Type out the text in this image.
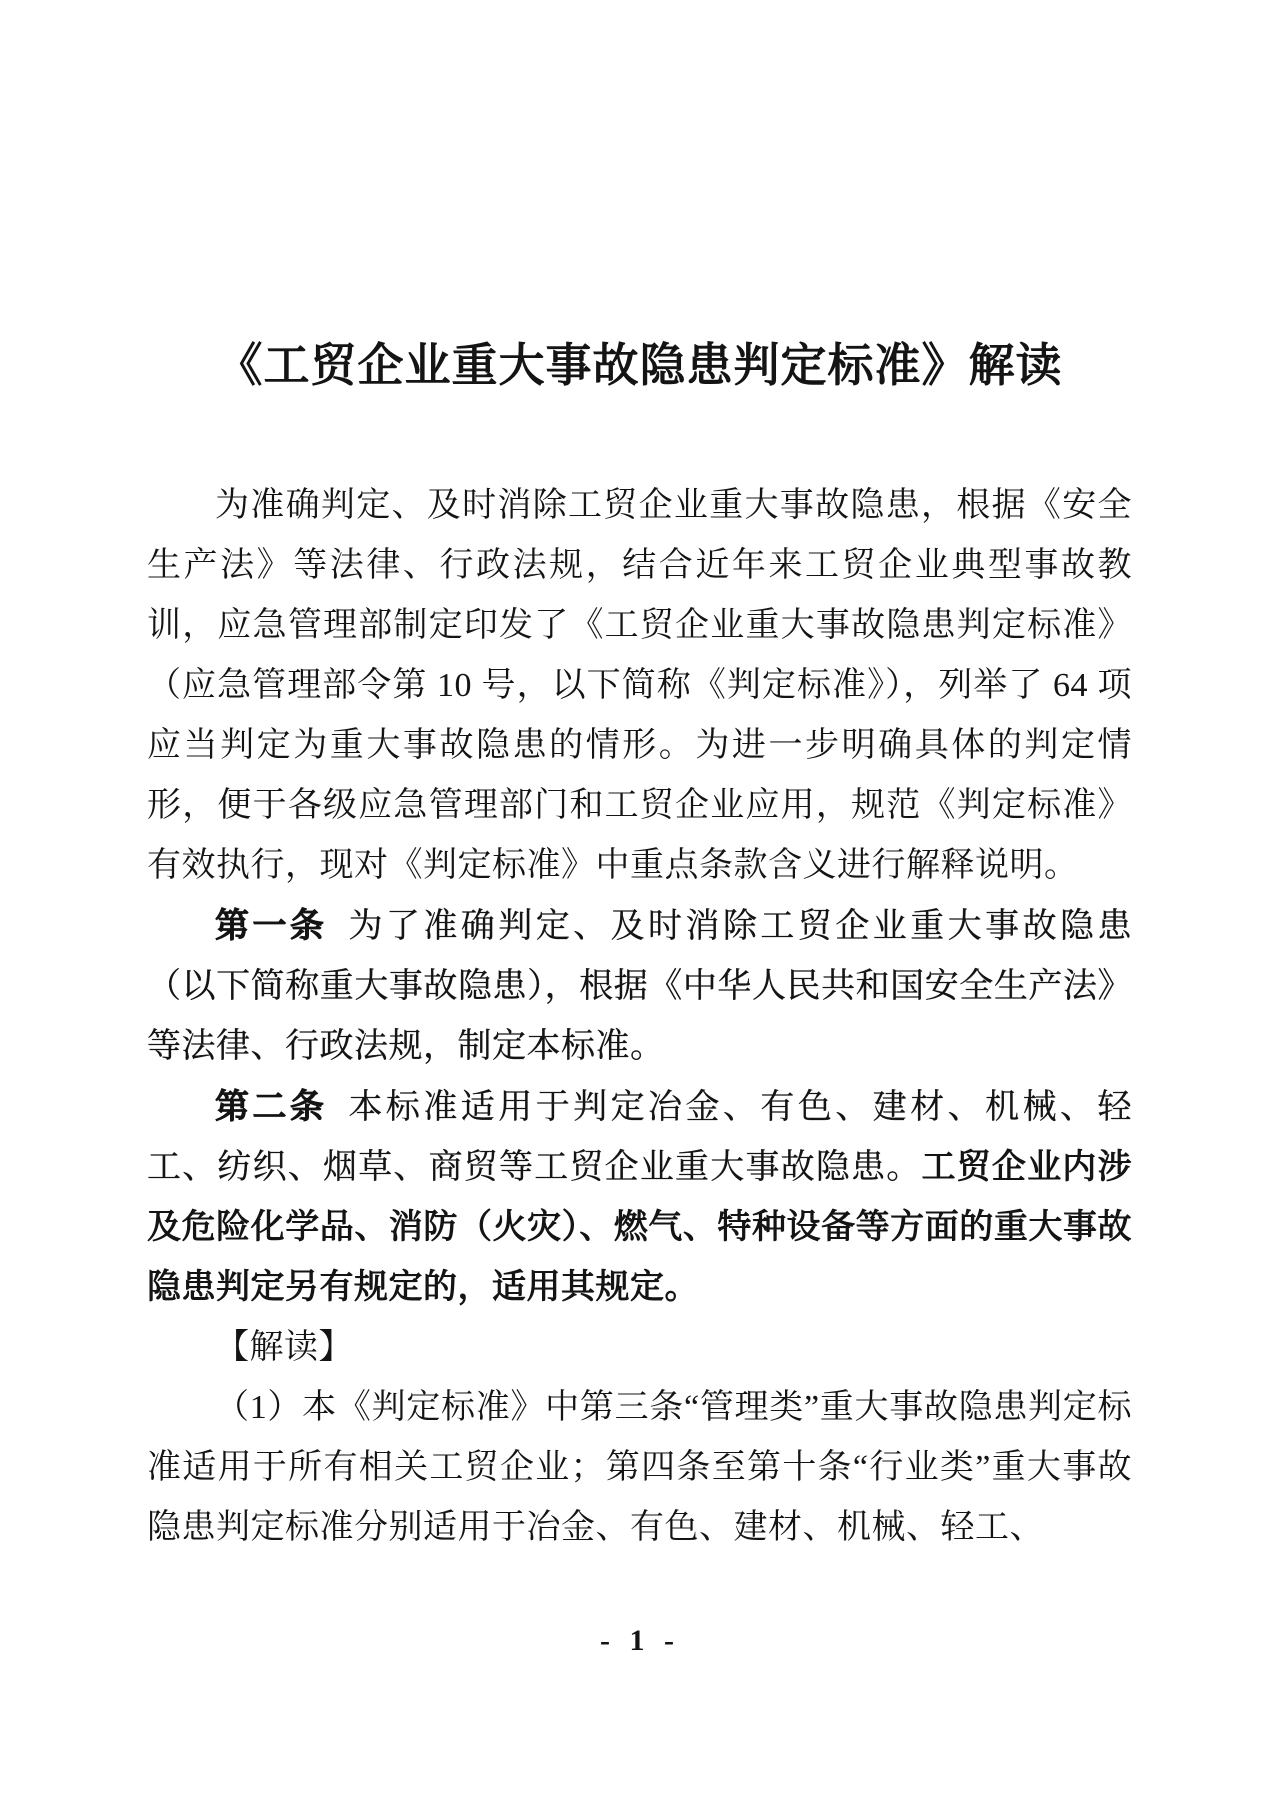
《工贸企业重大事故隐患判定标准》解读

为准确判定、及时消除工贸企业重大事故隐患，根据《安全生产法》等法律、行政法规，结合近年来工贸企业典型事故教训，应急管理部制定印发了《工贸企业重大事故隐患判定标准》（应急管理部令第 10 号，以下简称《判定标准》），列举了 64 项应当判定为重大事故隐患的情形。为进一步明确具体的判定情形，便于各级应急管理部门和工贸企业应用，规范《判定标准》有效执行，现对《判定标准》中重点条款含义进行解释说明。

第一条 为了准确判定、及时消除工贸企业重大事故隐患（以下简称重大事故隐患），根据《中华人民共和国安全生产法》等法律、行政法规，制定本标准。

第二条 本标准适用于判定冶金、有色、建材、机械、轻工、纺织、烟草、商贸等工贸企业重大事故隐患。工贸企业内涉及危险化学品、消防（火灾）、燃气、特种设备等方面的重大事故隐患判定另有规定的，适用其规定。

【解读】

（1）本《判定标准》中第三条“管理类”重大事故隐患判定标准适用于所有相关工贸企业；第四条至第十条“行业类”重大事故隐患判定标准分别适用于冶金、有色、建材、机械、轻工、

- 1 -
